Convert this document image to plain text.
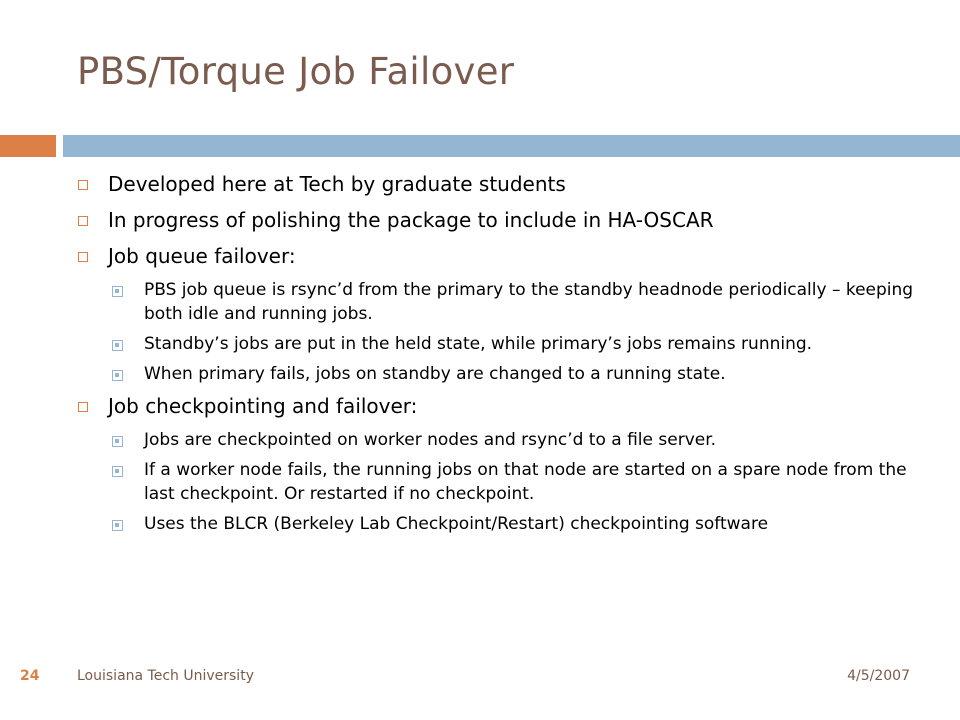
PBS/Torque Job Failover
Developed here at Tech by graduate students
In progress of polishing the package to include in HA-OSCAR
Job queue failover:
PBS job queue is rsync’d from the primary to the standby headnode periodically – keeping both idle and running jobs.
Standby’s jobs are put in the held state, while primary’s jobs remains running.
When primary fails, jobs on standby are changed to a running state.
Job checkpointing and failover:
Jobs are checkpointed on worker nodes and rsync’d to a file server.
If a worker node fails, the running jobs on that node are started on a spare node from the last checkpoint. Or restarted if no checkpoint.
Uses the BLCR (Berkeley Lab Checkpoint/Restart) checkpointing software
24	Louisiana Tech University	4/5/2007
